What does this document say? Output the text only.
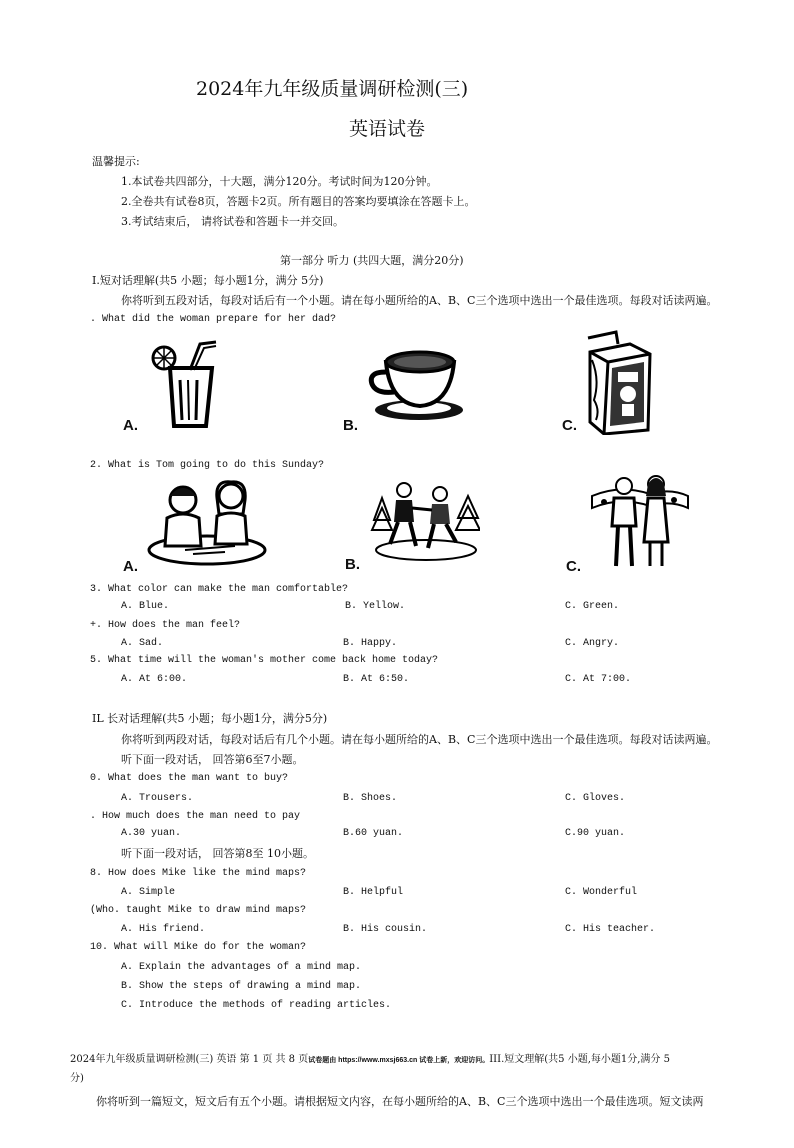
2024年九年级质量调研检测(三)
英语试卷
温馨提示:
1.本试卷共四部分，十大题，满分120分。考试时间为120分钟。
2.全卷共有试卷8页，答题卡2页。所有题目的答案均要填涂在答题卡上。
3.考试结束后， 请将试卷和答题卡一并交回。
第一部分 听力 (共四大题，满分20分)
I.短对话理解(共5 小题；每小题1分，满分 5分)
你将听到五段对话，每段对话后有一个小题。请在每小题所给的A、B、C三个选项中选出一个最佳选项。每段对话读两遍。
. What did the woman prepare for her dad?
A.	B.	C.
2. What is Tom going to do this Sunday?
A.	B.	C.
3. What color can make the man comfortable?
A. Blue.	B. Yellow.	C. Green.
+. How does the man feel?
A. Sad.	B. Happy.	C. Angry.
5. What time will the woman's mother come back home today?
A. At 6:00.	B. At 6:50.	C. At 7:00.
IL 长对话理解(共5 小题；每小题1分，满分5分)
你将听到两段对话，每段对话后有几个小题。请在每小题所给的A、B、C三个选项中选出一个最佳选项。每段对话读两遍。
听下面一段对话， 回答第6至7小题。
0. What does the man want to buy?
A. Trousers.	B. Shoes.	C. Gloves.
. How much does the man need to pay
A.30 yuan.	B.60 yuan.	C.90 yuan.
听下面一段对话， 回答第8至 10小题。
8. How does Mike like the mind maps?
A. Simple	B. Helpful	C. Wonderful
(Who. taught Mike to draw mind maps?
A. His friend.	B. His cousin.	C. His teacher.
10. What will Mike do for the woman?
A. Explain the advantages of a mind map.
B. Show the steps of drawing a mind map.
C. Introduce the methods of reading articles.
2024年九年级质量调研检测(三) 英语 第 1 页 共 8 页试卷题由 https://www.mxsj663.cn 试卷上新，欢迎访问。III.短文理解(共5 小题,每小题1分,满分 5
分)
你将听到一篇短文，短文后有五个小题。请根据短文内容，在每小题所给的A、B、C三个选项中选出一个最佳选项。短文读两
